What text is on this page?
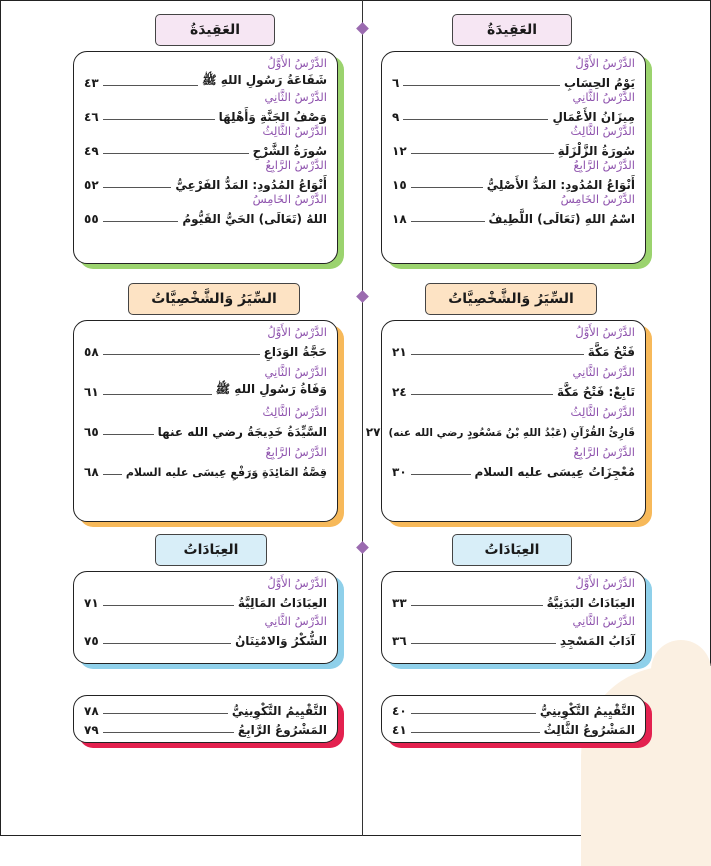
العَقِيدَةُ
الدَّرْسُ الأَوَّلُ
يَوْمُ الحِسَابِ
٦
الدَّرْسُ الثَّانِي
مِيزَانُ الأَعْمَالِ
٩
الدَّرْسُ الثَّالِثُ
سُورَةُ الزَّلْزَلَةِ
١٢
الدَّرْسُ الرَّابِعُ
أَنْوَاعُ المُدُودِ: المَدُّ الأَصْلِيُّ
١٥
الدَّرْسُ الخَامِسُ
اسْمُ اللهِ (تَعَالَى) اللَّطِيفُ
١٨
السِّيَرُ وَالشَّخْصِيَّاتُ
الدَّرْسُ الأَوَّلُ
فَتْحُ مَكَّةَ
٢١
الدَّرْسُ الثَّانِي
تَابِعْ: فَتْحُ مَكَّةَ
٢٤
الدَّرْسُ الثَّالِثُ
قَارِئُ القُرْآنِ (عَبْدُ اللهِ بْنُ مَسْعُودٍ رضي الله عنه)
٢٧
الدَّرْسُ الرَّابِعُ
مُعْجِزَاتُ عِيسَى عليه السلام
٣٠
العِبَادَاتُ
الدَّرْسُ الأَوَّلُ
العِبَادَاتُ البَدَنِيَّةُ
٣٣
الدَّرْسُ الثَّانِي
آدَابُ المَسْجِدِ
٣٦
التَّقْيِيمُ التَّكْوِينِيُّ
٤٠
المَشْرُوعُ الثَّالِثُ
٤١
العَقِيدَةُ
الدَّرْسُ الأَوَّلُ
شَفَاعَةُ رَسُولِ اللهِ ﷺ
٤٣
الدَّرْسُ الثَّانِي
وَصْفُ الجَنَّةِ وَأَهْلِهَا
٤٦
الدَّرْسُ الثَّالِثُ
سُورَةُ الشَّرْحِ
٤٩
الدَّرْسُ الرَّابِعُ
أَنْوَاعُ المُدُودِ: المَدُّ الفَرْعِيُّ
٥٢
الدَّرْسُ الخَامِسُ
اللهُ (تَعَالَى) الحَيُّ القَيُّومُ
٥٥
السِّيَرُ وَالشَّخْصِيَّاتُ
الدَّرْسُ الأَوَّلُ
حَجَّةُ الوَدَاعِ
٥٨
الدَّرْسُ الثَّانِي
وَفَاةُ رَسُولِ اللهِ ﷺ
٦١
الدَّرْسُ الثَّالِثُ
السَّيِّدَةُ خَدِيجَةُ رضي الله عنها
٦٥
الدَّرْسُ الرَّابِعُ
قِصَّةُ المَائِدَةِ وَرَفْعِ عِيسَى عليه السلام
٦٨
العِبَادَاتُ
الدَّرْسُ الأَوَّلُ
العِبَادَاتُ المَالِيَّةُ
٧١
الدَّرْسُ الثَّانِي
الشُّكْرُ وَالامْتِنَانُ
٧٥
التَّقْيِيمُ التَّكْوِينِيُّ
٧٨
المَشْرُوعُ الرَّابِعُ
٧٩
